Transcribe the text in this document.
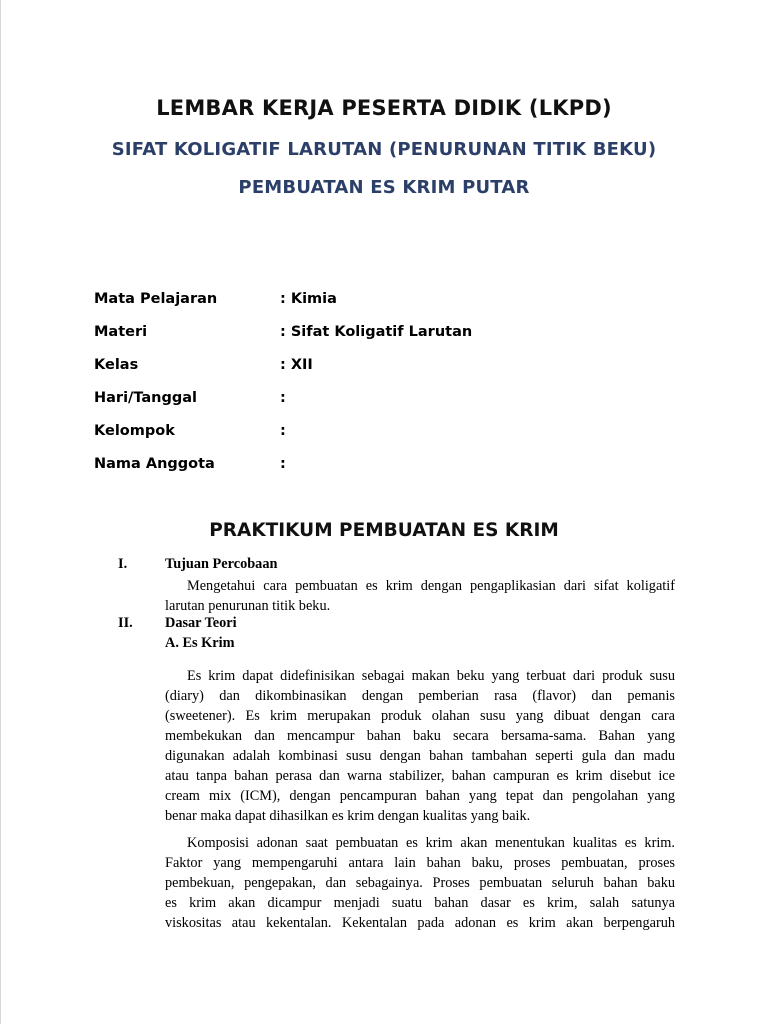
LEMBAR KERJA PESERTA DIDIK (LKPD)
SIFAT KOLIGATIF LARUTAN (PENURUNAN TITIK BEKU)
PEMBUATAN ES KRIM PUTAR
Mata Pelajaran	: Kimia
Materi	: Sifat Koligatif Larutan
Kelas	: XII
Hari/Tanggal	:
Kelompok	:
Nama Anggota	:
PRAKTIKUM PEMBUATAN ES KRIM
I.	Tujuan Percobaan
Mengetahui cara pembuatan es krim dengan pengaplikasian dari sifat koligatif
larutan penurunan titik beku.
II. Dasar Teori
A. Es Krim
Es krim dapat didefinisikan sebagai makan beku yang terbuat dari produk susu
(diary) dan dikombinasikan dengan pemberian rasa (flavor) dan pemanis
(sweetener). Es krim merupakan produk olahan susu yang dibuat dengan cara
membekukan dan mencampur bahan baku secara bersama-sama. Bahan yang
digunakan adalah kombinasi susu dengan bahan tambahan seperti gula dan madu
atau tanpa bahan perasa dan warna stabilizer, bahan campuran es krim disebut ice
cream mix (ICM), dengan pencampuran bahan yang tepat dan pengolahan yang
benar maka dapat dihasilkan es krim dengan kualitas yang baik.
Komposisi adonan saat pembuatan es krim akan menentukan kualitas es krim.
Faktor yang mempengaruhi antara lain bahan baku, proses pembuatan, proses
pembekuan, pengepakan, dan sebagainya. Proses pembuatan seluruh bahan baku
es krim akan dicampur menjadi suatu bahan dasar es krim, salah satunya
viskositas atau kekentalan. Kekentalan pada adonan es krim akan berpengaruh
